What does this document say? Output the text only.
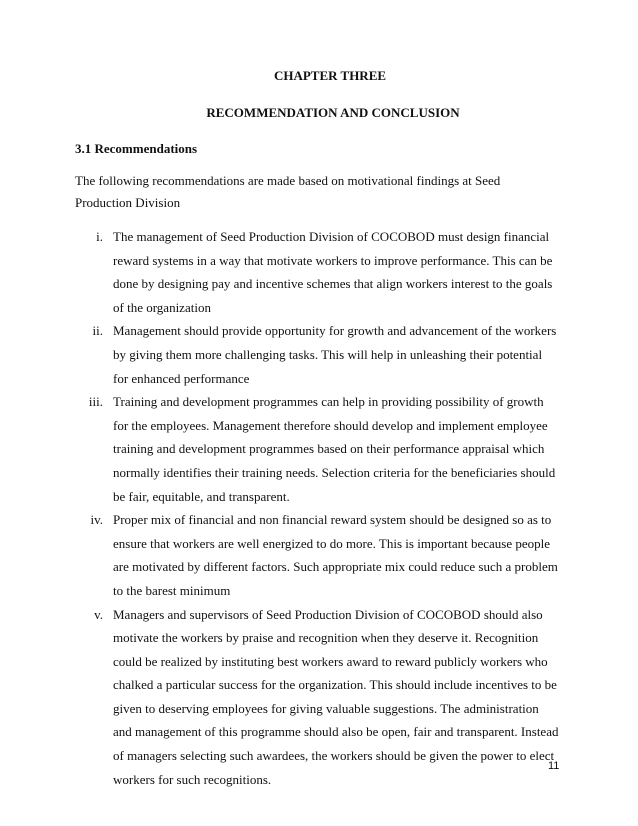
CHAPTER THREE
RECOMMENDATION AND CONCLUSION
3.1 Recommendations
The following recommendations are made based on motivational findings at Seed Production Division
i. The management of Seed Production Division of COCOBOD must design financial reward systems in a way that motivate workers to improve performance. This can be done by designing pay and incentive schemes that align workers interest to the goals of the organization
ii. Management should provide opportunity for growth and advancement of the workers by giving them more challenging tasks. This will help in unleashing their potential for enhanced performance
iii. Training and development programmes can help in providing possibility of growth for the employees. Management therefore should develop and implement employee training and development programmes based on their performance appraisal which normally identifies their training needs. Selection criteria for the beneficiaries should be fair, equitable, and transparent.
iv. Proper mix of financial and non financial reward system should be designed so as to ensure that workers are well energized to do more. This is important because people are motivated by different factors. Such appropriate mix could reduce such a problem to the barest minimum
v. Managers and supervisors of Seed Production Division of COCOBOD should also motivate the workers by praise and recognition when they deserve it. Recognition could be realized by instituting best workers award to reward publicly workers who chalked a particular success for the organization. This should include incentives to be given to deserving employees for giving valuable suggestions. The administration and management of this programme should also be open, fair and transparent. Instead of managers selecting such awardees, the workers should be given the power to elect workers for such recognitions.
11
